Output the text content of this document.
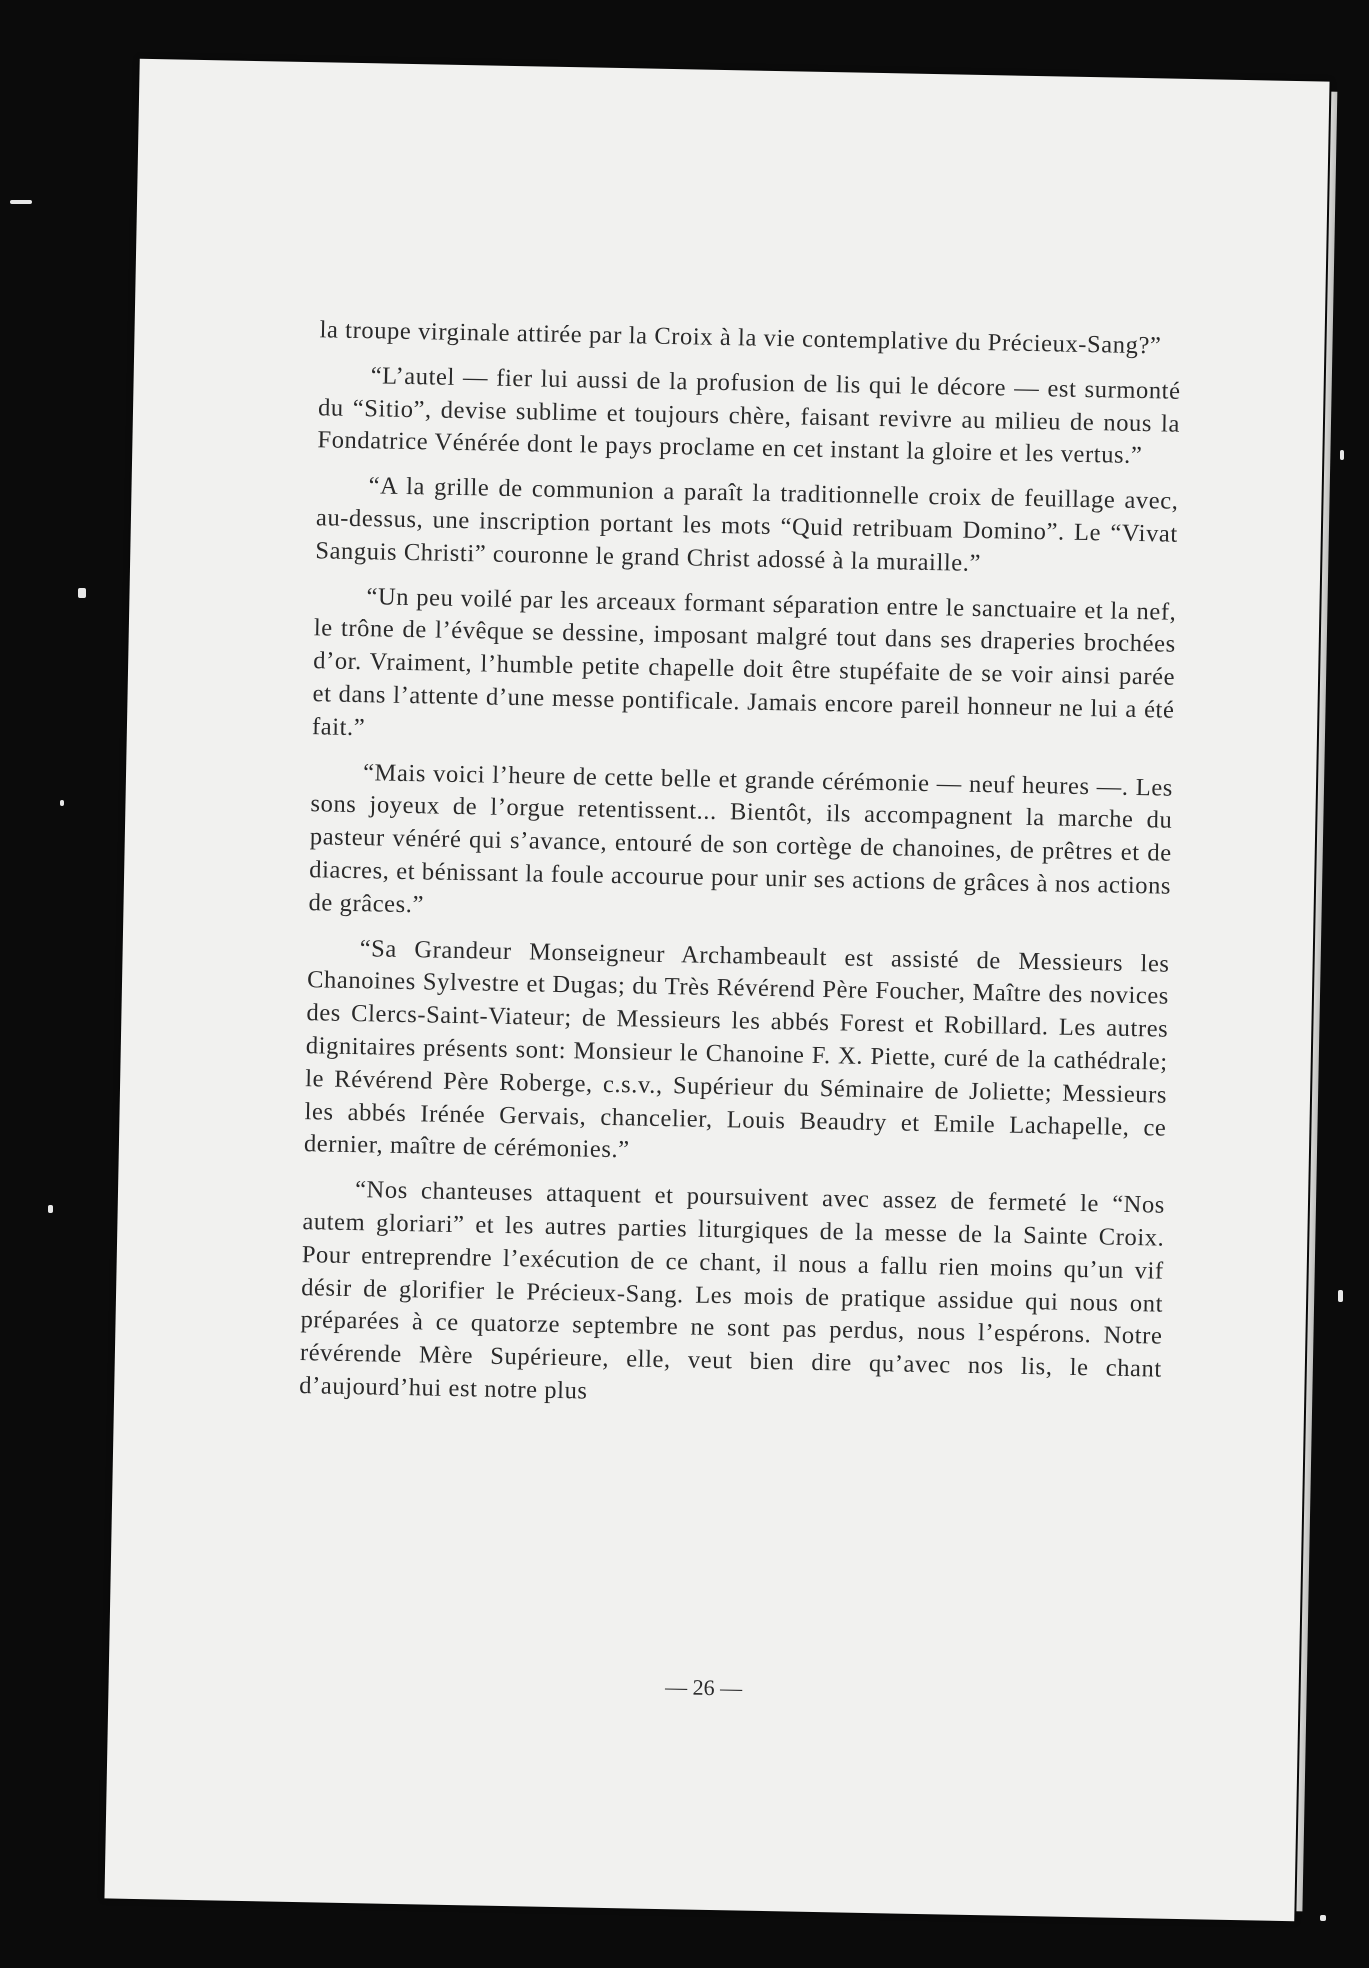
la troupe virginale attirée par la Croix à la vie contemplative du Précieux-Sang?”

“L’autel — fier lui aussi de la profusion de lis qui le décore — est surmonté du “Sitio”, devise sublime et toujours chère, faisant revivre au milieu de nous la Fondatrice Vénérée dont le pays proclame en cet instant la gloire et les vertus.”

“A la grille de communion a paraît la traditionnelle croix de feuillage avec, au-dessus, une inscription portant les mots “Quid retribuam Domino”. Le “Vivat Sanguis Christi” couronne le grand Christ adossé à la muraille.”

“Un peu voilé par les arceaux formant séparation entre le sanctuaire et la nef, le trône de l’évêque se dessine, imposant malgré tout dans ses draperies brochées d’or. Vraiment, l’humble petite chapelle doit être stupéfaite de se voir ainsi parée et dans l’attente d’une messe pontificale. Jamais encore pareil honneur ne lui a été fait.”

“Mais voici l’heure de cette belle et grande cérémonie — neuf heures —. Les sons joyeux de l’orgue retentissent... Bientôt, ils accompagnent la marche du pasteur vénéré qui s’avance, entouré de son cortège de chanoines, de prêtres et de diacres, et bénissant la foule accourue pour unir ses actions de grâces à nos actions de grâces.”

“Sa Grandeur Monseigneur Archambeault est assisté de Messieurs les Chanoines Sylvestre et Dugas; du Très Révérend Père Foucher, Maître des novices des Clercs-Saint-Viateur; de Messieurs les abbés Forest et Robillard. Les autres dignitaires présents sont: Monsieur le Chanoine F. X. Piette, curé de la cathédrale; le Révérend Père Roberge, c.s.v., Supérieur du Séminaire de Joliette; Messieurs les abbés Irénée Gervais, chancelier, Louis Beaudry et Emile Lachapelle, ce dernier, maître de cérémonies.”

“Nos chanteuses attaquent et poursuivent avec assez de fermeté le “Nos autem gloriari” et les autres parties liturgiques de la messe de la Sainte Croix. Pour entreprendre l’exécution de ce chant, il nous a fallu rien moins qu’un vif désir de glorifier le Précieux-Sang. Les mois de pratique assidue qui nous ont préparées à ce quatorze septembre ne sont pas perdus, nous l’espérons. Notre révérende Mère Supérieure, elle, veut bien dire qu’avec nos lis, le chant d’aujourd’hui est notre plus

— 26 —
